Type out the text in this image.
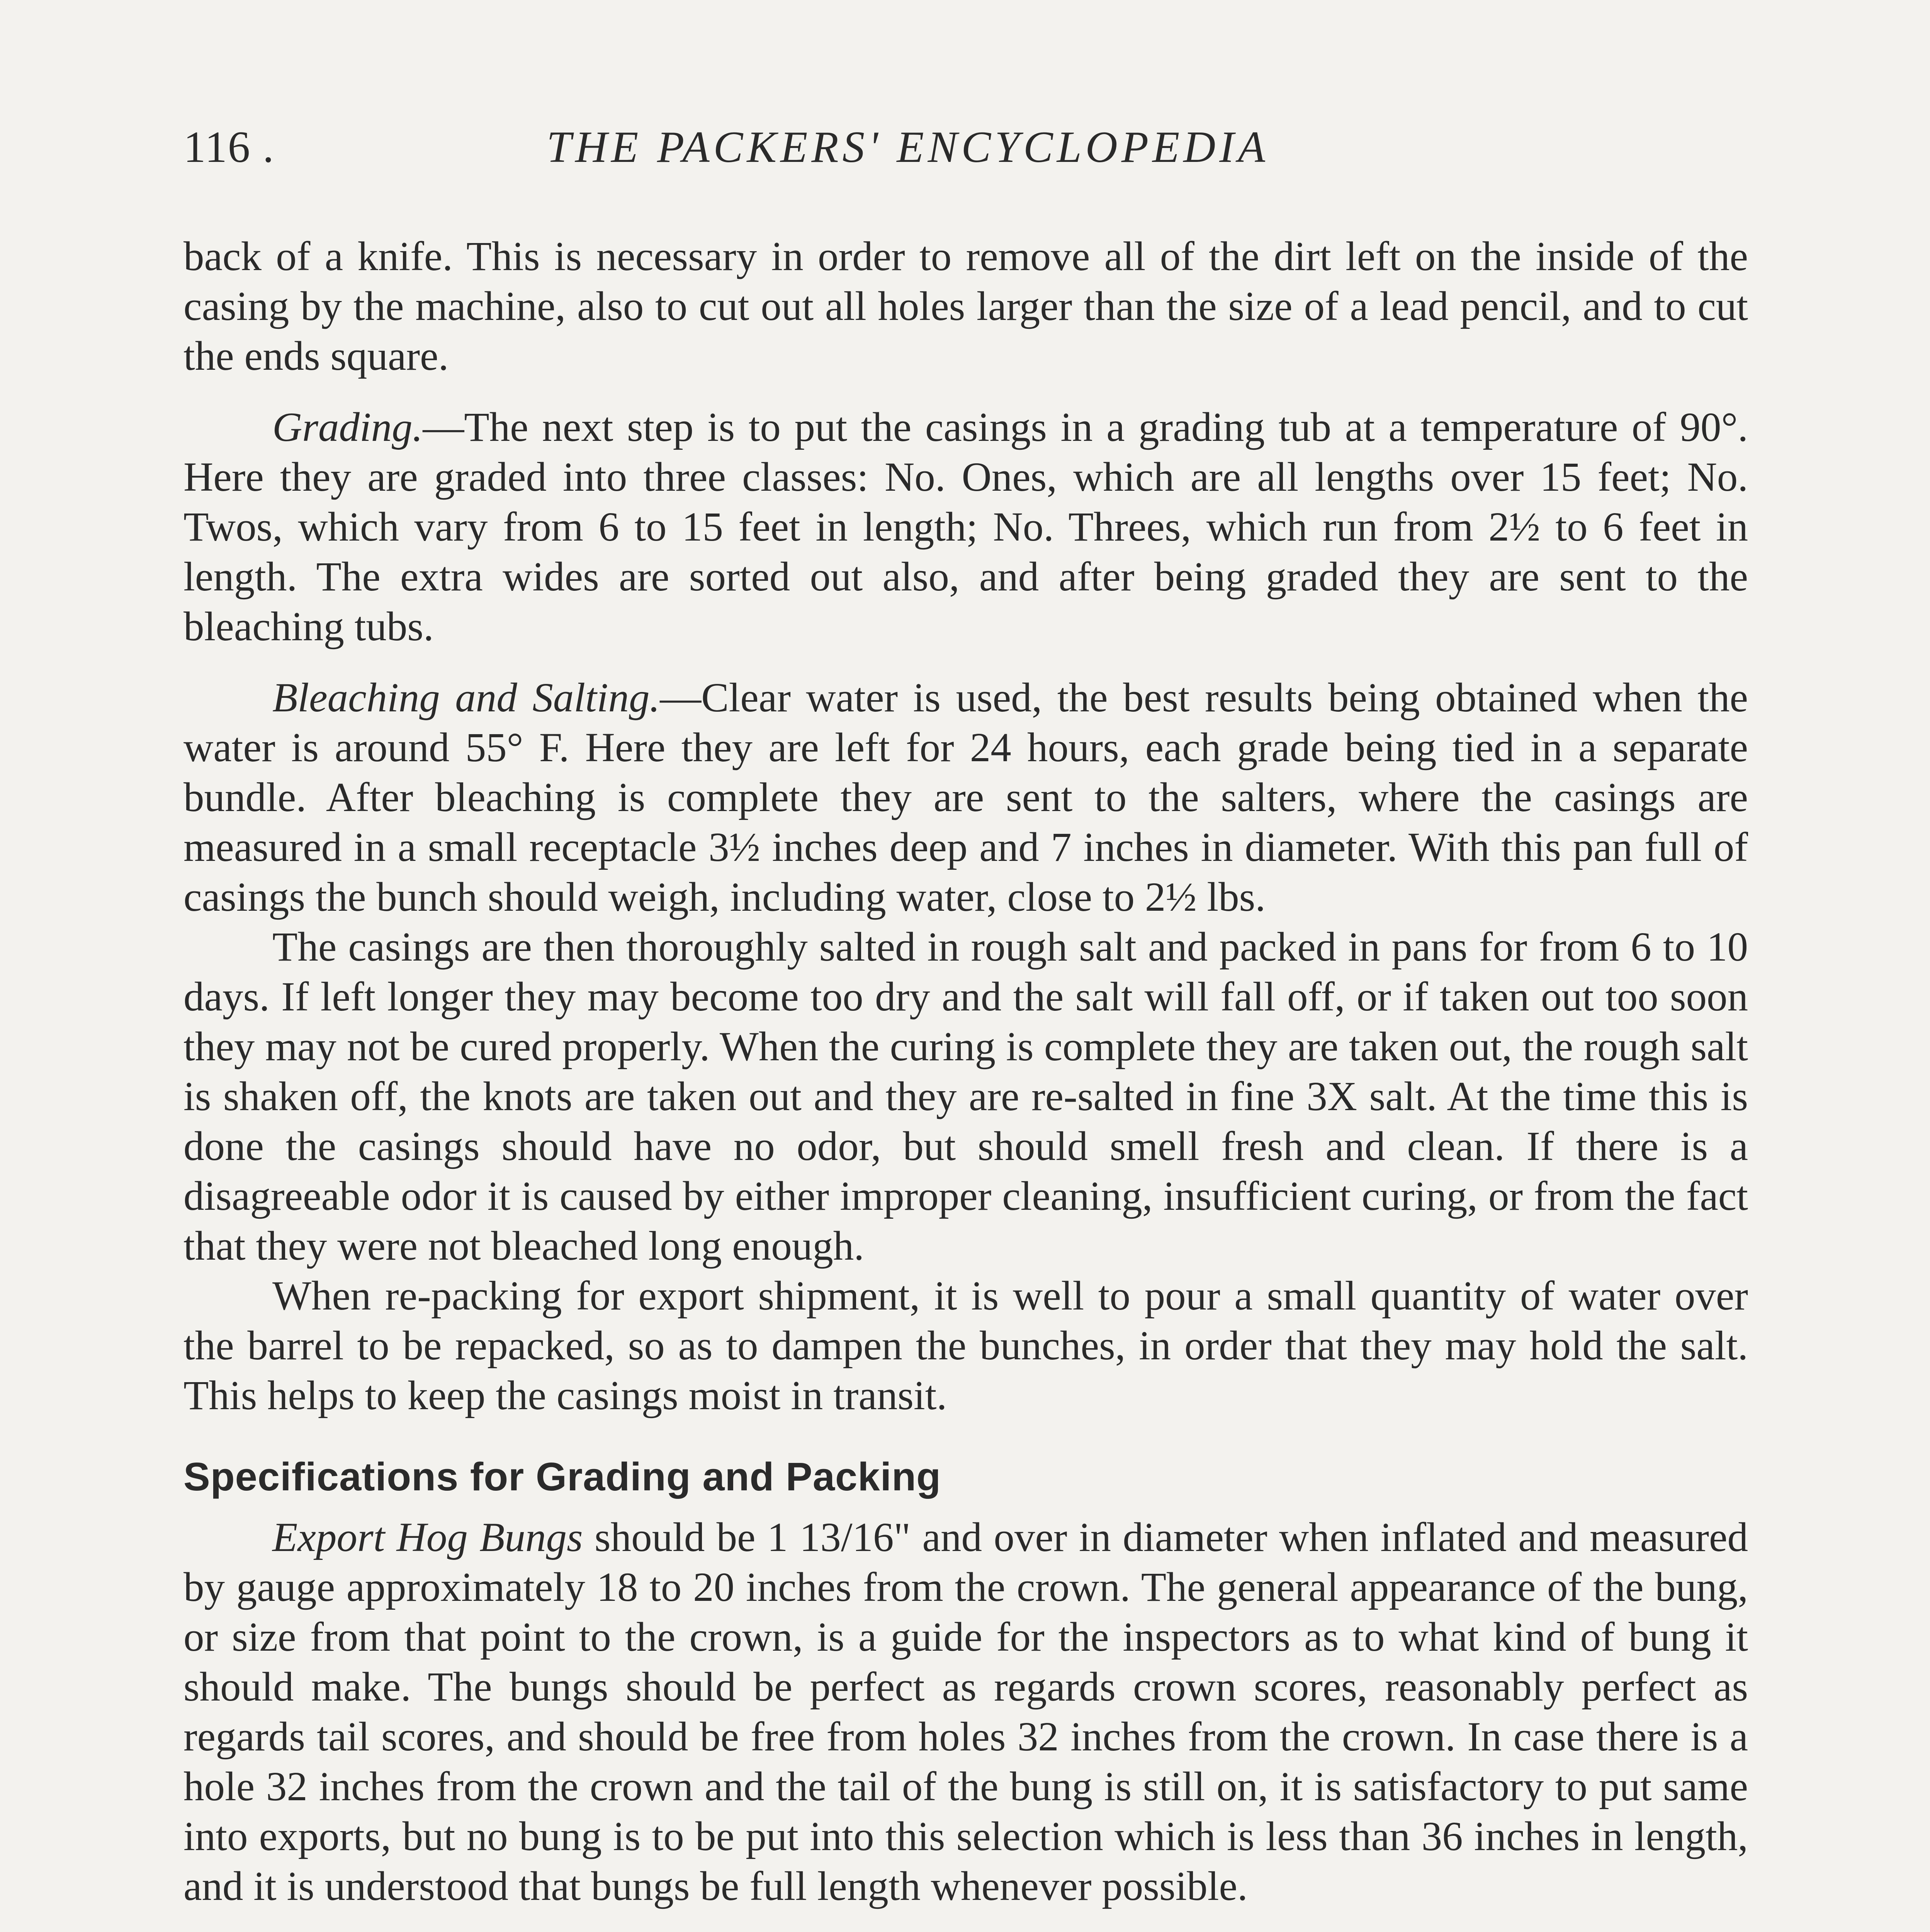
116 .	THE PACKERS' ENCYCLOPEDIA

back of a knife. This is necessary in order to remove all of the dirt left on the inside of the casing by the machine, also to cut out all holes larger than the size of a lead pencil, and to cut the ends square.

Grading.—The next step is to put the casings in a grading tub at a temperature of 90°. Here they are graded into three classes: No. Ones, which are all lengths over 15 feet; No. Twos, which vary from 6 to 15 feet in length; No. Threes, which run from 2½ to 6 feet in length. The extra wides are sorted out also, and after being graded they are sent to the bleaching tubs.

Bleaching and Salting.—Clear water is used, the best results being obtained when the water is around 55° F. Here they are left for 24 hours, each grade being tied in a separate bundle. After bleaching is complete they are sent to the salters, where the casings are measured in a small receptacle 3½ inches deep and 7 inches in diameter. With this pan full of casings the bunch should weigh, including water, close to 2½ lbs.

The casings are then thoroughly salted in rough salt and packed in pans for from 6 to 10 days. If left longer they may become too dry and the salt will fall off, or if taken out too soon they may not be cured properly. When the curing is complete they are taken out, the rough salt is shaken off, the knots are taken out and they are re-salted in fine 3X salt. At the time this is done the casings should have no odor, but should smell fresh and clean. If there is a disagreeable odor it is caused by either improper cleaning, insufficient curing, or from the fact that they were not bleached long enough.

When re-packing for export shipment, it is well to pour a small quantity of water over the barrel to be repacked, so as to dampen the bunches, in order that they may hold the salt. This helps to keep the casings moist in transit.

Specifications for Grading and Packing

Export Hog Bungs should be 1 13/16" and over in diameter when inflated and measured by gauge approximately 18 to 20 inches from the crown. The general appearance of the bung, or size from that point to the crown, is a guide for the inspectors as to what kind of bung it should make. The bungs should be perfect as regards crown scores, reasonably perfect as regards tail scores, and should be free from holes 32 inches from the crown. In case there is a hole 32 inches from the crown and the tail of the bung is still on, it is satisfactory to put same into exports, but no bung is to be put into this selection which is less than 36 inches in length, and it is understood that bungs be full length whenever possible.
